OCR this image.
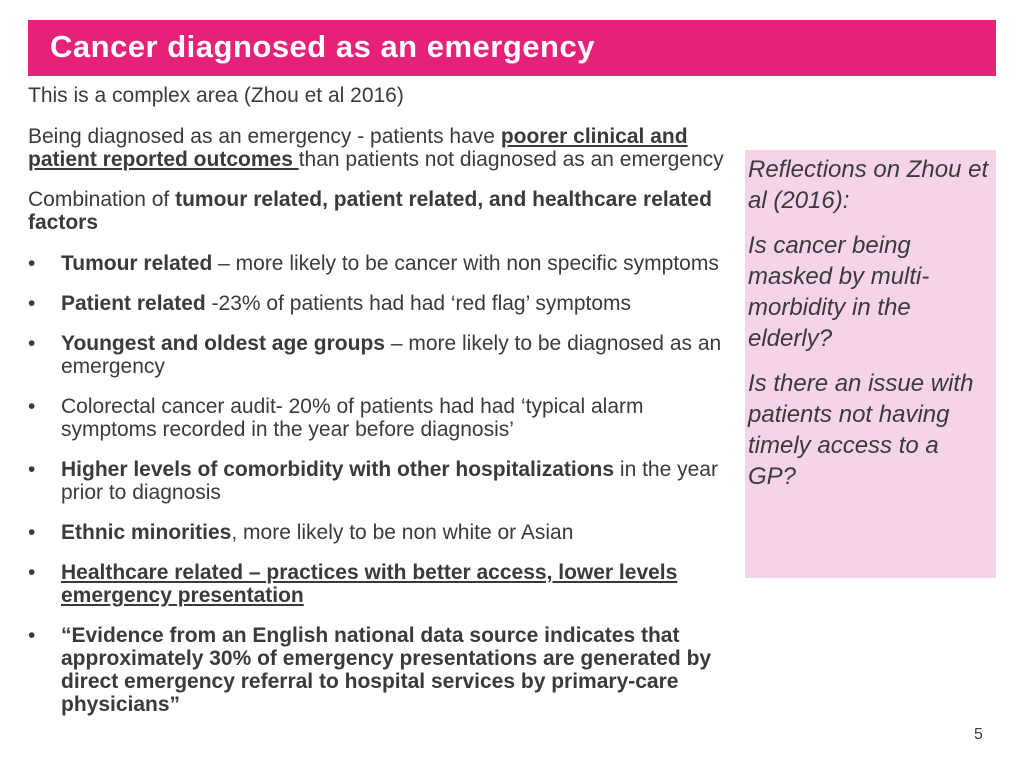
Cancer diagnosed as an emergency

This is a complex area (Zhou et al 2016)

Being diagnosed as an emergency - patients have poorer clinical and patient reported outcomes than patients not diagnosed as an emergency

Combination of tumour related, patient related, and healthcare related factors

•	Tumour related – more likely to be cancer with non specific symptoms
•	Patient related -23% of patients had had ‘red flag’ symptoms
•	Youngest and oldest age groups – more likely to be diagnosed as an emergency
•	Colorectal cancer audit- 20% of patients had had ‘typical alarm symptoms recorded in the year before diagnosis’
•	Higher levels of comorbidity with other hospitalizations in the year prior to diagnosis
•	Ethnic minorities, more likely to be non white or Asian
•	Healthcare related – practices with better access, lower levels emergency presentation
•	“Evidence from an English national data source indicates that approximately 30% of emergency presentations are generated by direct emergency referral to hospital services by primary-care physicians”

Reflections on Zhou et al (2016):

Is cancer being masked by multi-morbidity in the elderly?

Is there an issue with patients not having timely access to a GP?

5
